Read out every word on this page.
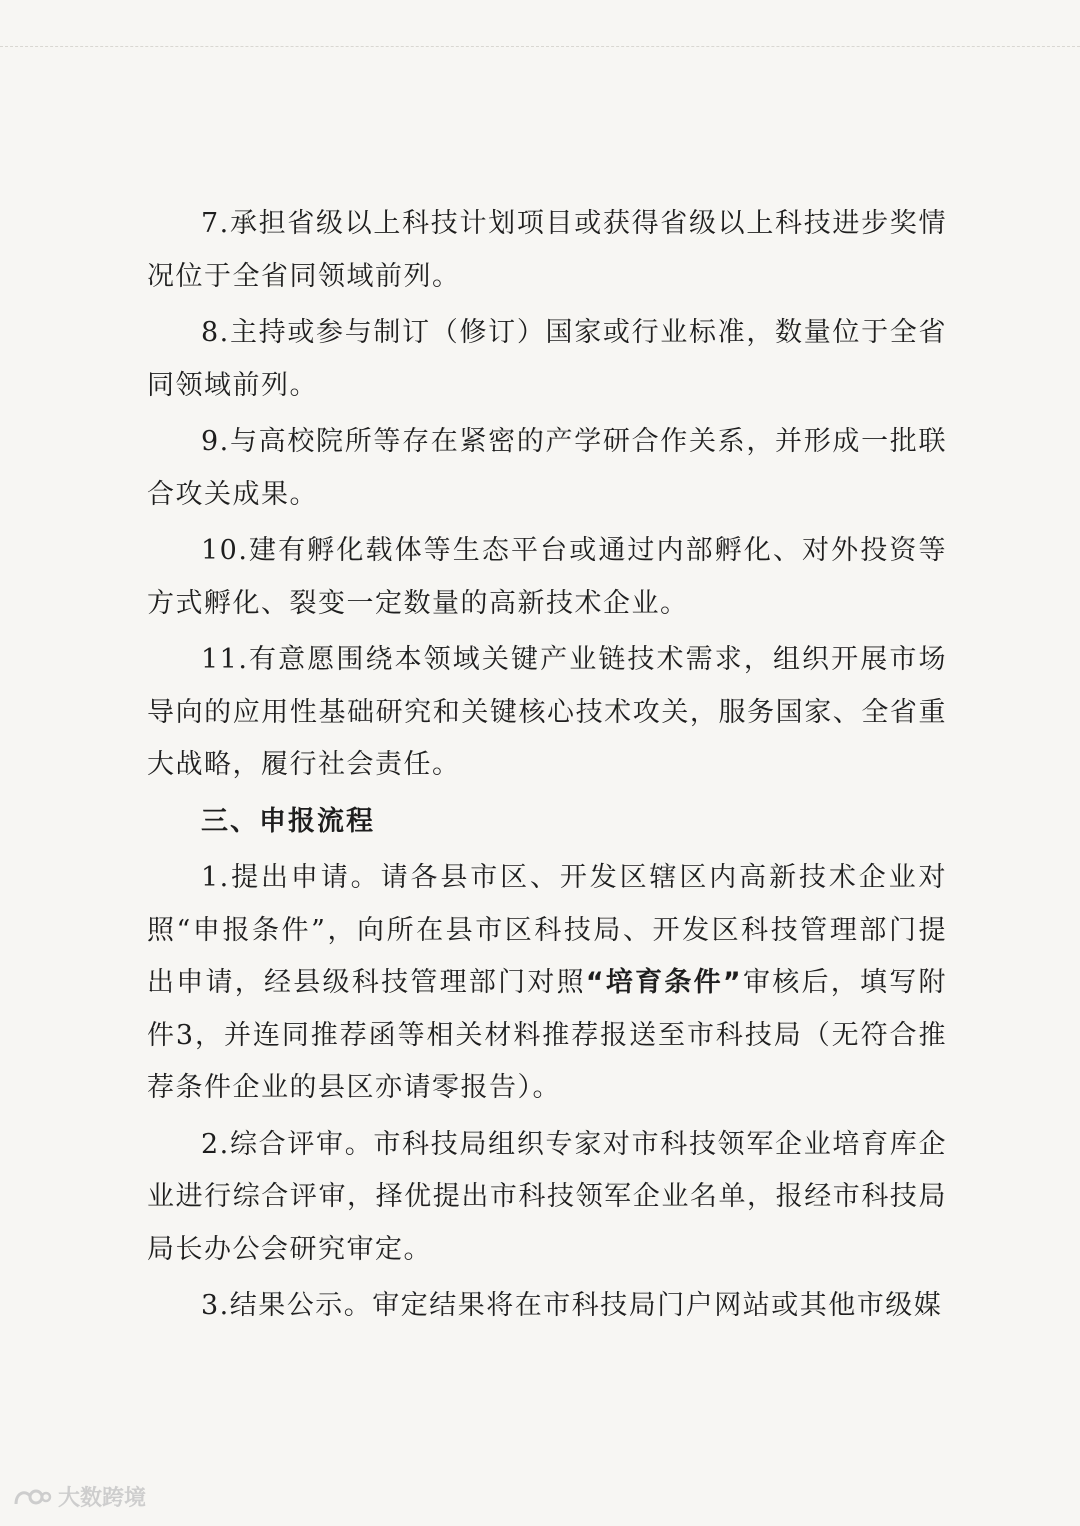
7.承担省级以上科技计划项目或获得省级以上科技进步奖情况位于全省同领域前列。

8.主持或参与制订（修订）国家或行业标准，数量位于全省同领域前列。

9.与高校院所等存在紧密的产学研合作关系，并形成一批联合攻关成果。

10.建有孵化载体等生态平台或通过内部孵化、对外投资等方式孵化、裂变一定数量的高新技术企业。

11.有意愿围绕本领域关键产业链技术需求，组织开展市场导向的应用性基础研究和关键核心技术攻关，服务国家、全省重大战略，履行社会责任。

三、申报流程

1.提出申请。请各县市区、开发区辖区内高新技术企业对照“申报条件”，向所在县市区科技局、开发区科技管理部门提出申请，经县级科技管理部门对照“培育条件”审核后，填写附件3，并连同推荐函等相关材料推荐报送至市科技局（无符合推荐条件企业的县区亦请零报告）。

2.综合评审。市科技局组织专家对市科技领军企业培育库企业进行综合评审，择优提出市科技领军企业名单，报经市科技局局长办公会研究审定。

3.结果公示。审定结果将在市科技局门户网站或其他市级媒

大数跨境
